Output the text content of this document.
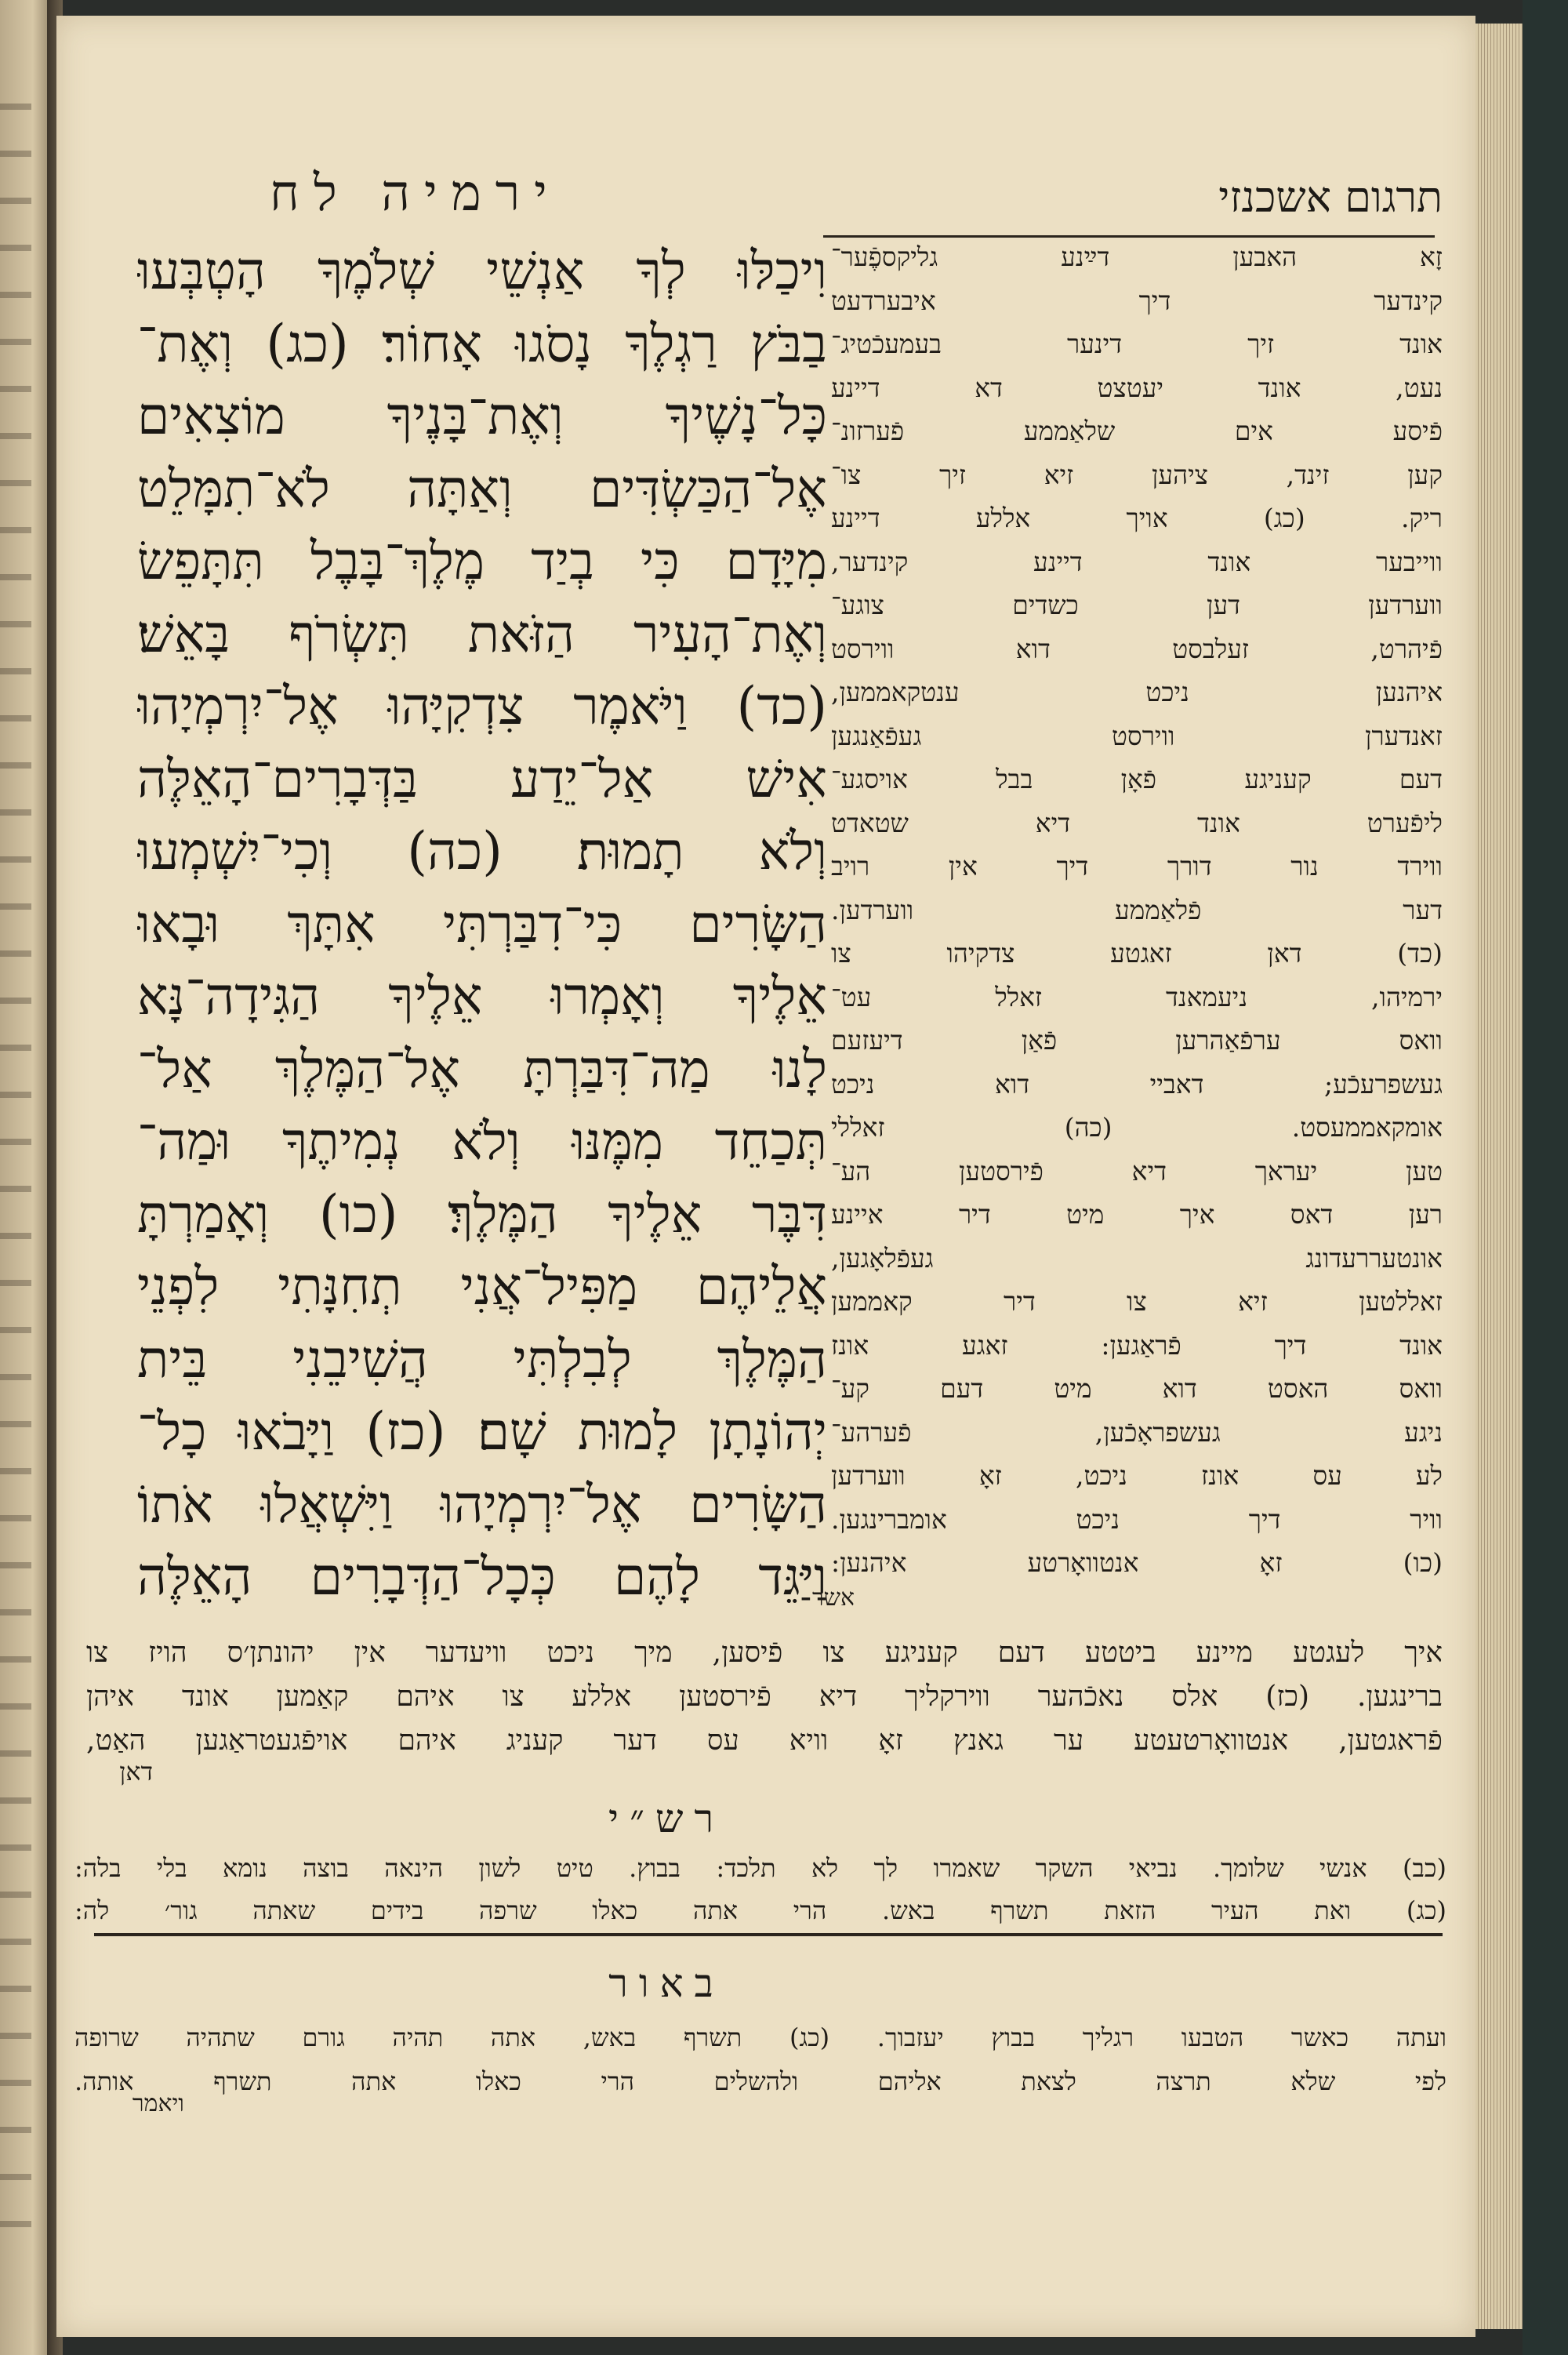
ירמיה לח	תרגום אשכנזי
וִיכַלּוּ לְךָ אַנְשֵׁי שְׁלֹמֶךָ הָטְבְּעוּ
בַבֹּץ רַגְלֶךָ נָסֹגוּ אָחוֹר׃ (כג) וְאֶת־
כָּל־נָשֶׁיךָ וְאֶת־בָּנֶיךָ מוֹצִאִים
אֶל־הַכַּשְׂדִּים וְאַתָּה לֹא־תִמָּלֵט
מִיָּדָם כִּי בְיַד מֶלֶךְ־בָּבֶל תִּתָּפֵשׂ
וְאֶת־הָעִיר הַזֹּאת תִּשְׂרֹף בָּאֵשׁ׃
(כד) וַיֹּאמֶר צִדְקִיָּהוּ אֶל־יִרְמְיָהוּ
אִישׁ אַל־יֵדַע בַּדְּבָרִים־הָאֵלֶּה
וְלֹא תָמוּת׃ (כה) וְכִי־יִשְׁמְעוּ
הַשָּׂרִים כִּי־דִבַּרְתִּי אִתָּךְ וּבָאוּ
אֵלֶיךָ וְאָמְרוּ אֵלֶיךָ הַגִּידָה־נָּא
לָנוּ מַה־דִּבַּרְתָּ אֶל־הַמֶּלֶךְ אַל־
תְּכַחֵד מִמֶּנּוּ וְלֹא נְמִיתֶךָ וּמַה־
דִּבֶּר אֵלֶיךָ הַמֶּלֶךְ׃ (כו) וְאָמַרְתָּ
אֲלֵיהֶם מַפִּיל־אֲנִי תְחִנָּתִי לִפְנֵי
הַמֶּלֶךְ לְבִלְתִּי הֲשִׁיבֵנִי בֵּית
יְהוֹנָתָן לָמוּת שָׁם׃ (כז) וַיָּבֹאוּ כָל־
הַשָּׂרִים אֶל־יִרְמְיָהוּ וַיִּשְׁאֲלוּ אֹתוֹ
וַיַּגֵּד לָהֶם כְּכָל־הַדְּבָרִים הָאֵלֶּה
זָא האבען דײַנע גליקספֶֿער־
קינדער דיך איבערדעט
אונד זיך דינער בעמעכֿטיג־
נעט, אונד יעטצט דא דיינע
פֿיסע אים שלאַממע פֿערזונ־
קען זינד, ציהען זיא זיך צו־
ריק. (כג) אויך אללע דיינע
ווייבער אונד דיינע קינדער,
ווערדען דען כשדים צוגע־
פֿיהרט, זעלבסט דוא ווירסט
איהנען ניכט ענטקאממען,
זאנדערן ווירסט געפֿאַנגען
דעם קעניגע פֿאָן בבל אויסגע־
ליפֿערט אונד דיא שטאדט
ווירד נור דורך דיך אין רויב
דער פֿלאַממע ווערדען.
(כד) דאן זאגטע צדקיהו צו
ירמיהו, ניעמאנד זאלל עט־
וואס ערפֿאַהרען פֿאַן דיעזעם
געשפרעכֿע; דאביי דוא ניכט
אומקאממעסט. (כה) זאללי
טען יעראך דיא פֿירסטען הע־
רען דאס איך מיט דיר איינע
אונטעררעדונג געפֿלאָגען,
זאללטען זיא צו דיר קאממען
אונד דיך פֿראַגען: זאגע אונז
וואס האסט דוא מיט דעם קע־
ניגע געשפראָכֿען, פֿערהע־
לע עס אונז ניכט, זאָ ווערדען
וויר דיך ניכט אומברינגען.
(כו) זאָ אנטוואָרטע איהנען:
אשר
איך לעגטע מיינע ביטטע דעם קעניגע צו פֿיסען, מיך ניכט וויעדער אין יהונתן׳ס הויז צו
ברינגען. (כז) אלס נאכֿהער ווירקליך דיא פֿירסטען אללע צו איהם קאַמען אונד איהן
פֿראגטען, אנטוואָרטעטע ער גאנץ זאָ וויא עס דער קעניג איהם אויפֿגעטראַגען האַט,
דאן
רש״י
(כב) אנשי שלומך. נביאי השקר שאמרו לך לא תלכד: בבוץ. טיט לשון הינאה בוצה נומא בלי בלה:
(כג) ואת העיר הזאת תשרף באש. הרי אתה כאלו שרפה בידים שאתה גור׳ לה:
באור
ועתה כאשר הטבעו רגליך בבוץ יעזבוך. (כג) תשרף באש, אתה תהיה גורם שתהיה שרופה
לפי שלא תרצה לצאת אליהם ולהשלים הרי כאלו אתה תשרף אותה.
ויאמר
